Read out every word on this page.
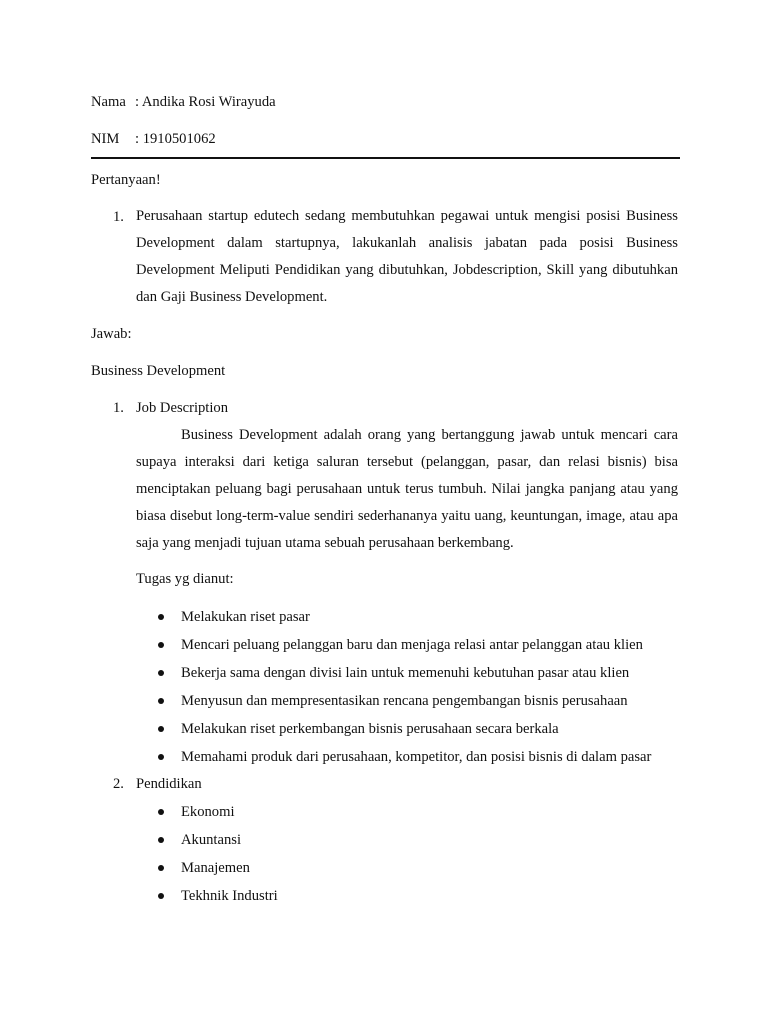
Nama : Andika Rosi Wirayuda
NIM : 1910501062
Pertanyaan!
1. Perusahaan startup edutech sedang membutuhkan pegawai untuk mengisi posisi Business Development dalam startupnya, lakukanlah analisis jabatan pada posisi Business Development Meliputi Pendidikan yang dibutuhkan, Jobdescription, Skill yang dibutuhkan dan Gaji Business Development.
Jawab:
Business Development
1. Job Description
Business Development adalah orang yang bertanggung jawab untuk mencari cara supaya interaksi dari ketiga saluran tersebut (pelanggan, pasar, dan relasi bisnis) bisa menciptakan peluang bagi perusahaan untuk terus tumbuh. Nilai jangka panjang atau yang biasa disebut long-term-value sendiri sederhananya yaitu uang, keuntungan, image, atau apa saja yang menjadi tujuan utama sebuah perusahaan berkembang.
Tugas yg dianut:
Melakukan riset pasar
Mencari peluang pelanggan baru dan menjaga relasi antar pelanggan atau klien
Bekerja sama dengan divisi lain untuk memenuhi kebutuhan pasar atau klien
Menyusun dan mempresentasikan rencana pengembangan bisnis perusahaan
Melakukan riset perkembangan bisnis perusahaan secara berkala
Memahami produk dari perusahaan, kompetitor, dan posisi bisnis di dalam pasar
2. Pendidikan
Ekonomi
Akuntansi
Manajemen
Tekhnik Industri
